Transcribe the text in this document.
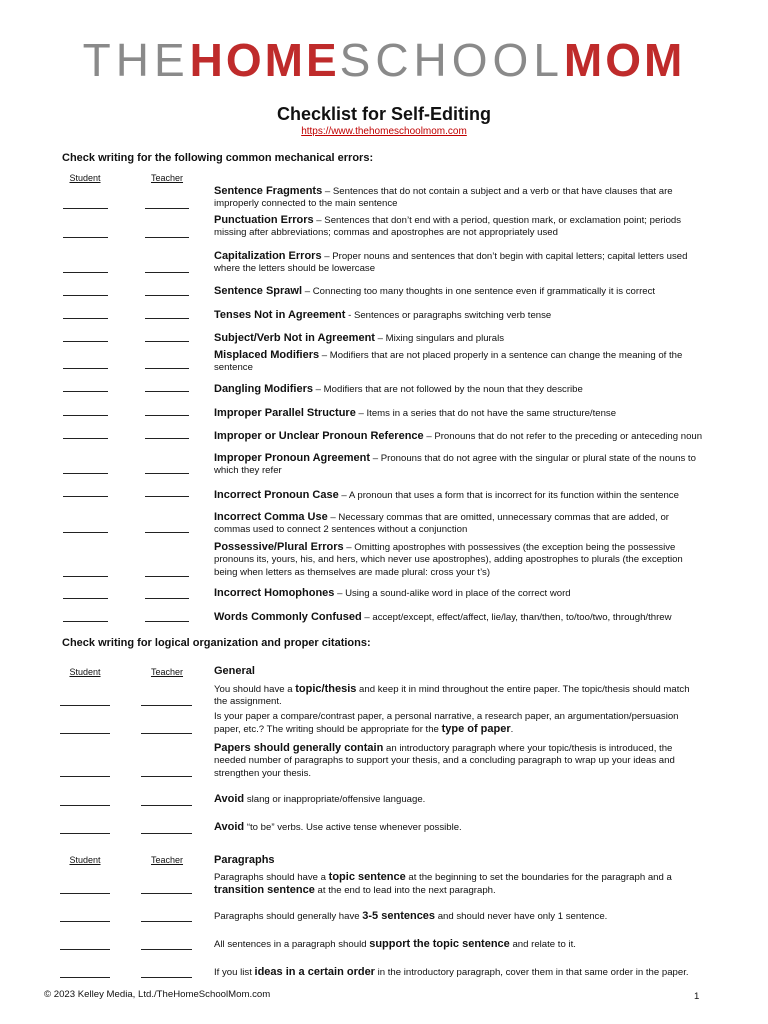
THEHOMESCHOOLMOM
Checklist for Self-Editing
https://www.thehomeschoolmom.com
Check writing for the following common mechanical errors:
Student	Teacher
Sentence Fragments – Sentences that do not contain a subject and a verb or that have clauses that are improperly connected to the main sentence
Punctuation Errors – Sentences that don’t end with a period, question mark, or exclamation point; periods missing after abbreviations; commas and apostrophes are not appropriately used
Capitalization Errors – Proper nouns and sentences that don’t begin with capital letters; capital letters used where the letters should be lowercase
Sentence Sprawl – Connecting too many thoughts in one sentence even if grammatically it is correct
Tenses Not in Agreement - Sentences or paragraphs switching verb tense
Subject/Verb Not in Agreement – Mixing singulars and plurals
Misplaced Modifiers – Modifiers that are not placed properly in a sentence can change the meaning of the sentence
Dangling Modifiers – Modifiers that are not followed by the noun that they describe
Improper Parallel Structure – Items in a series that do not have the same structure/tense
Improper or Unclear Pronoun Reference – Pronouns that do not refer to the preceding or anteceding noun
Improper Pronoun Agreement – Pronouns that do not agree with the singular or plural state of the nouns to which they refer
Incorrect Pronoun Case – A pronoun that uses a form that is incorrect for its function within the sentence
Incorrect Comma Use – Necessary commas that are omitted, unnecessary commas that are added, or commas used to connect 2 sentences without a conjunction
Possessive/Plural Errors – Omitting apostrophes with possessives (the exception being the possessive pronouns its, yours, his, and hers, which never use apostrophes), adding apostrophes to plurals (the exception being when letters as themselves are made plural: cross your t’s)
Incorrect Homophones – Using a sound-alike word in place of the correct word
Words Commonly Confused – accept/except, effect/affect, lie/lay, than/then, to/too/two, through/threw
Check writing for logical organization and proper citations:
Student	Teacher	General
You should have a topic/thesis and keep it in mind throughout the entire paper. The topic/thesis should match the assignment.
Is your paper a compare/contrast paper, a personal narrative, a research paper, an argumentation/persuasion paper, etc.? The writing should be appropriate for the type of paper.
Papers should generally contain an introductory paragraph where your topic/thesis is introduced, the needed number of paragraphs to support your thesis, and a concluding paragraph to wrap up your ideas and strengthen your thesis.
Avoid slang or inappropriate/offensive language.
Avoid “to be” verbs. Use active tense whenever possible.
Student	Teacher	Paragraphs
Paragraphs should have a topic sentence at the beginning to set the boundaries for the paragraph and a transition sentence at the end to lead into the next paragraph.
Paragraphs should generally have 3-5 sentences and should never have only 1 sentence.
All sentences in a paragraph should support the topic sentence and relate to it.
If you list ideas in a certain order in the introductory paragraph, cover them in that same order in the paper.
© 2023 Kelley Media, Ltd./TheHomeSchoolMom.com	1
